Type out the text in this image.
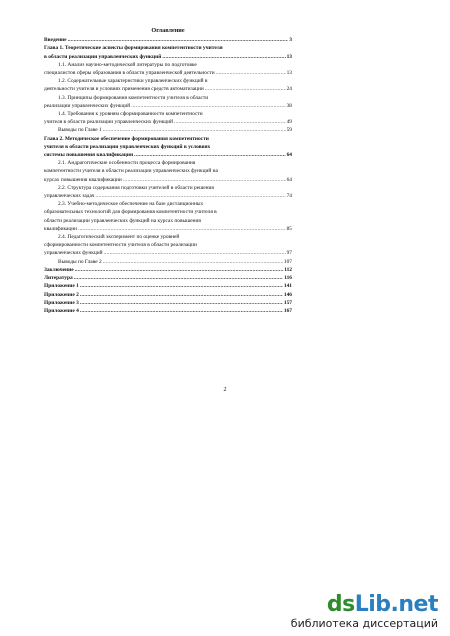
Оглавление
Введение .....	3
Глава 1. Теоретические аспекты формирования компетентности учителя
в области реализации управленческих функций .....	13
1.1. Анализ научно-методической литературы по подготовке
специалистов сферы образования в области управленческой деятельности .....	13
1.2. Содержательные характеристики управленческих функций в
деятельности учителя в условиях применения средств автоматизации .....	24
1.3. Принципы формирования компетентности учителя в области
реализации управленческих функций .....	38
1.4. Требования к уровням сформированности компетентности
учителя в области реализации управленческих функций .....	49
Выводы по Главе 1 .....	59
Глава 2. Методическое обеспечение формирования компетентности
учителя в области реализации управленческих функций в условиях
системы повышения квалификации .....	64
2.1. Андрагогические особенности процесса формирования
компетентности учителя в области реализации управленческих функций на
курсах повышения квалификации .....	64
2.2. Структура содержания подготовки учителей в области решения
управленческих задач .....	74
2.3. Учебно-методическое обеспечение на базе дистанционных
образовательных технологий для формирования компетентности учителя в
области реализации управленческих функций на курсах повышения
квалификации .....	85
2.4. Педагогический эксперимент по оценке уровней
сформированности компетентности учителя в области реализации
управленческих функций .....	97
Выводы по Главе 2 .....	107
Заключение .....	112
Литература .....	116
Приложение 1 .....	141
Приложение 2 .....	146
Приложение 3 .....	157
Приложение 4 .....	167
2
dsLib.net
библиотека диссертаций
